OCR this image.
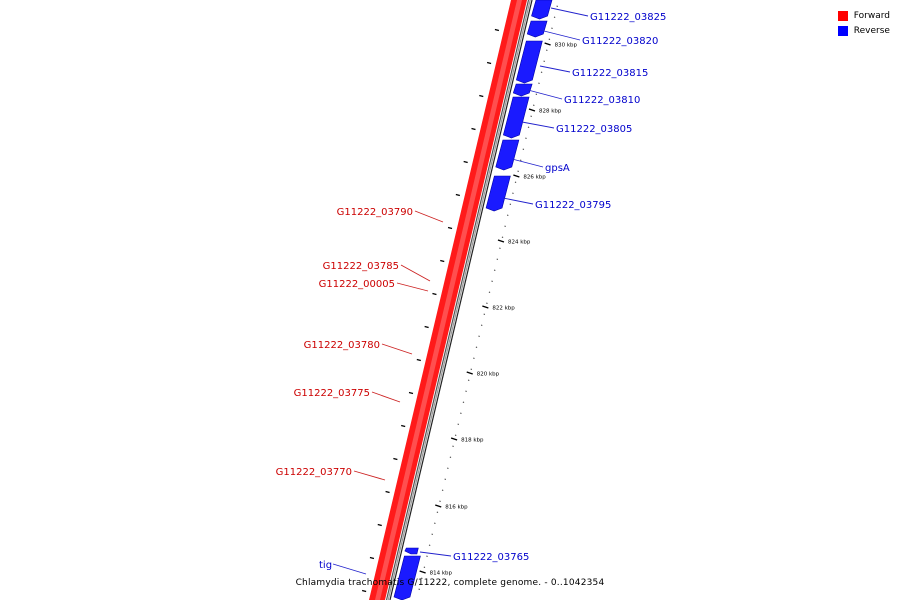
830 kbp
828 kbp
826 kbp
824 kbp
822 kbp
820 kbp
818 kbp
816 kbp
814 kbp
G11222_03825
G11222_03820
G11222_03815
G11222_03810
G11222_03805
gpsA
G11222_03795
G11222_03765
tig
G11222_03790
G11222_03785
G11222_00005
G11222_03780
G11222_03775
G11222_03770
Forward
Reverse
Chlamydia trachomatis G/11222, complete genome. - 0..1042354
